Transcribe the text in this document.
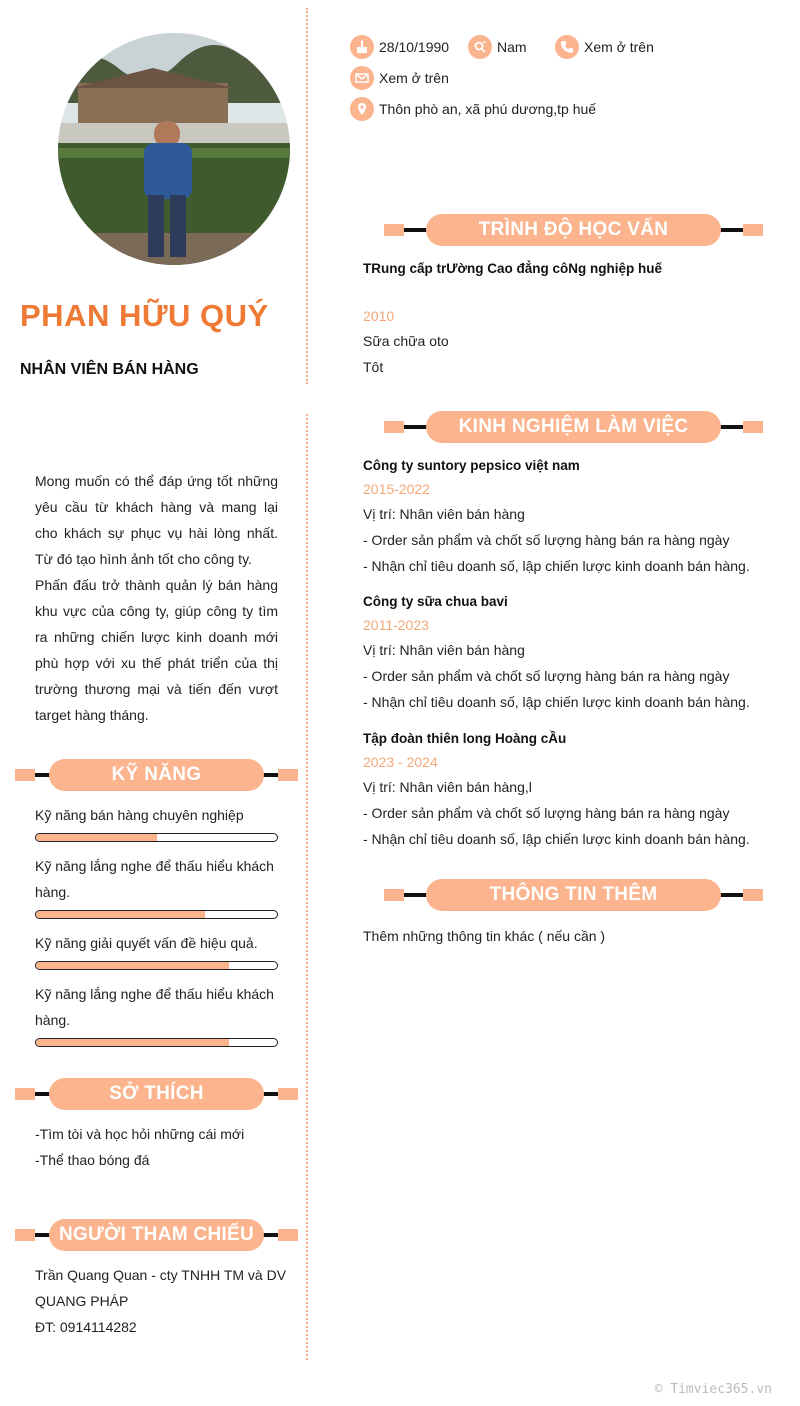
PHAN HỮU QUÝ
NHÂN VIÊN BÁN HÀNG
Mong muốn có thể đáp ứng tốt những yêu cầu từ khách hàng và mang lại cho khách sự phục vụ hài lòng nhất. Từ đó tạo hình ảnh tốt cho công ty.
Phấn đấu trở thành quản lý bán hàng khu vực của công ty, giúp công ty tìm ra những chiến lược kinh doanh mới phù hợp với xu thế phát triển của thị trường thương mại và tiến đến vượt target hàng tháng.
KỸ NĂNG
Kỹ năng bán hàng chuyên nghiệp
Kỹ năng lắng nghe để thấu hiểu khách hàng.
Kỹ năng giải quyết vấn đề hiệu quả.
Kỹ năng lắng nghe để thấu hiểu khách hàng.
SỞ THÍCH
-Tìm tòi và học hỏi những cái mới
-Thể thao bóng đá
NGƯỜI THAM CHIẾU
Trần Quang Quan - cty TNHH TM và DV
QUANG PHÁP
ĐT: 0914114282
28/10/1990	Nam	Xem ở trên
Xem ở trên
Thôn phò an, xã phú dương,tp huế
TRÌNH ĐỘ HỌC VẤN
TRung cấp trƯờng Cao đẳng côNg nghiệp huế
2010
Sữa chữa oto
Tôt
KINH NGHIỆM LÀM VIỆC
Công ty suntory pepsico việt nam
2015-2022
Vị trí: Nhân viên bán hàng
- Order sản phẩm và chốt số lượng hàng bán ra hàng ngày
- Nhận chỉ tiêu doanh số, lập chiến lược kinh doanh bán hàng.
Công ty sữa chua bavi
2011-2023
Vị trí: Nhân viên bán hàng
- Order sản phẩm và chốt số lượng hàng bán ra hàng ngày
- Nhận chỉ tiêu doanh số, lập chiến lược kinh doanh bán hàng.
Tập đoàn thiên long Hoàng cẦu
2023 - 2024
Vị trí: Nhân viên bán hàng,l
- Order sản phẩm và chốt số lượng hàng bán ra hàng ngày
- Nhận chỉ tiêu doanh số, lập chiến lược kinh doanh bán hàng.
THÔNG TIN THÊM
Thêm những thông tin khác ( nếu cần )
© Timviec365.vn
